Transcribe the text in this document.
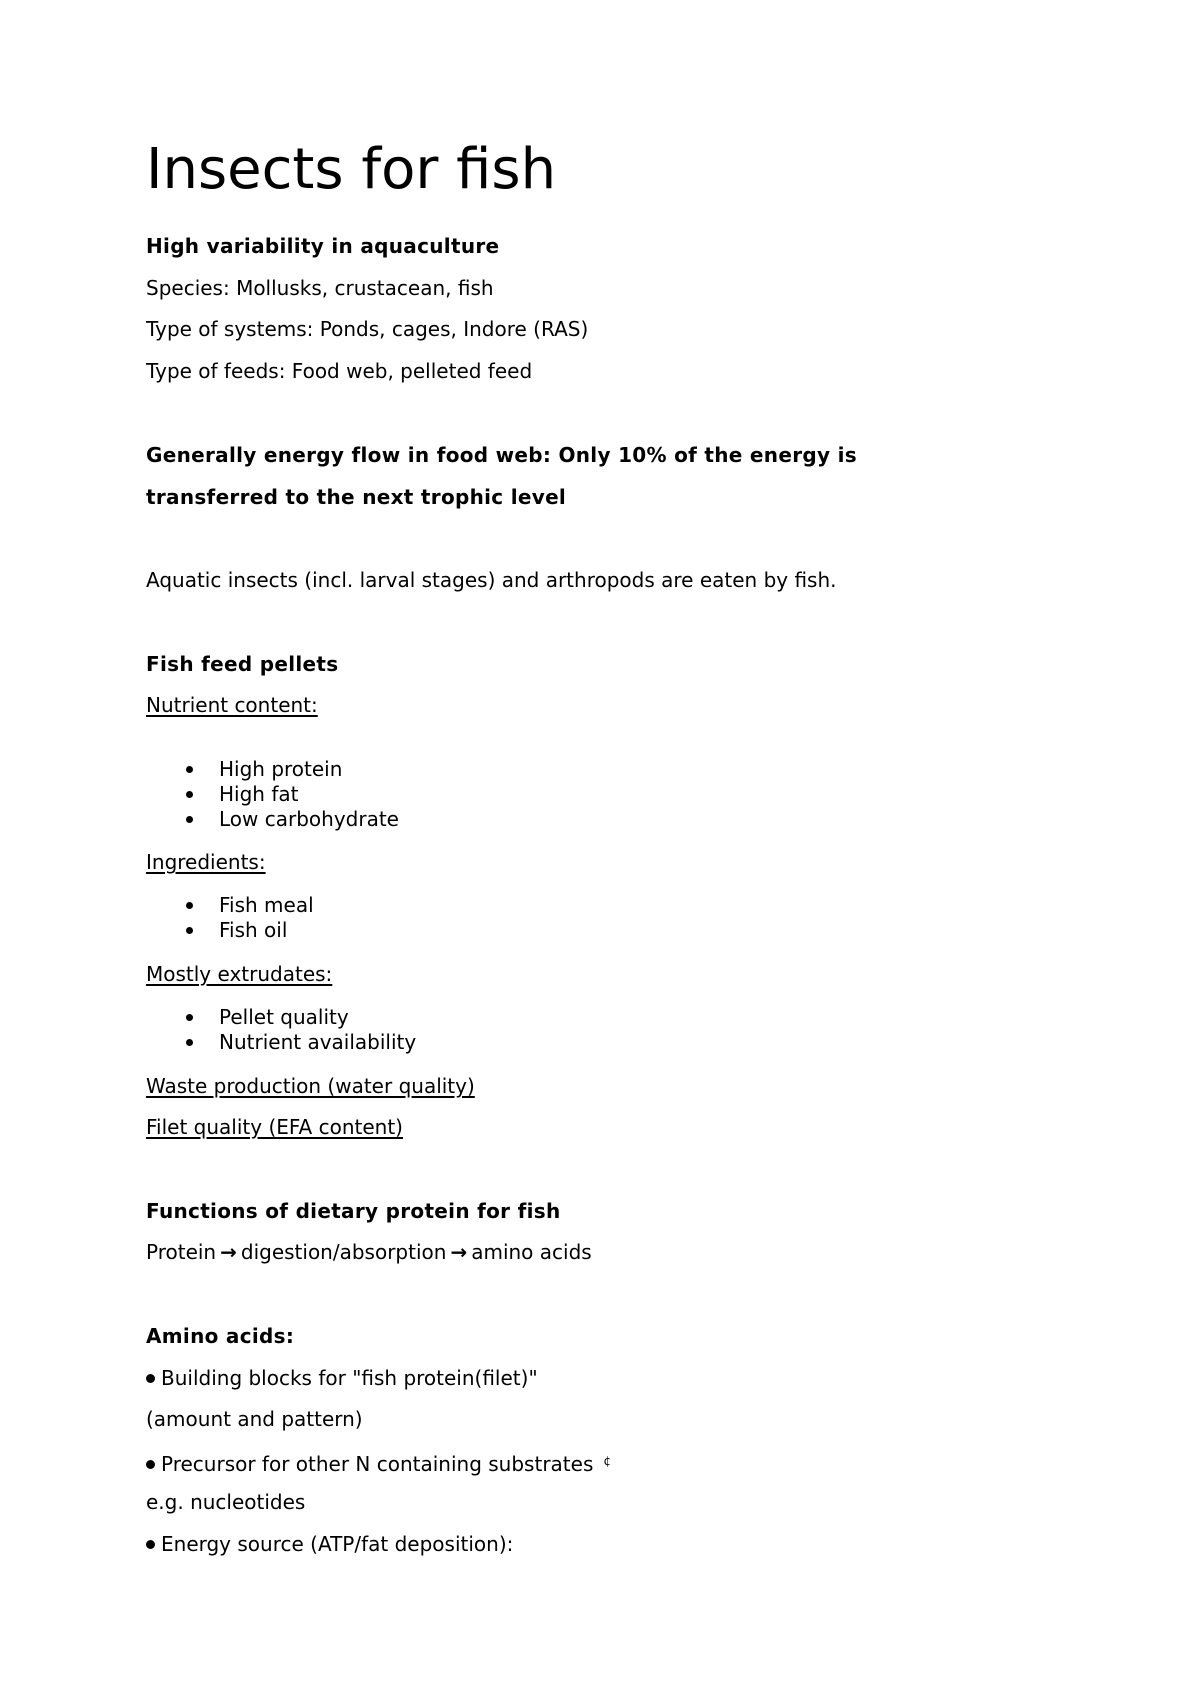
Insects for fish
High variability in aquaculture
Species: Mollusks, crustacean, fish
Type of systems: Ponds, cages, Indore (RAS)
Type of feeds: Food web, pelleted feed
Generally energy flow in food web: Only 10% of the energy is
transferred to the next trophic level
Aquatic insects (incl. larval stages) and arthropods are eaten by fish.
Fish feed pellets
Nutrient content:
High protein
High fat
Low carbohydrate
Ingredients:
Fish meal
Fish oil
Mostly extrudates:
Pellet quality
Nutrient availability
Waste production (water quality)
Filet quality (EFA content)
Functions of dietary protein for fish
Protein → digestion/absorption → amino acids
Amino acids:
Building blocks for "fish protein(filet)"
(amount and pattern)
Precursor for other N containing substrates ¢
e.g. nucleotides
Energy source (ATP/fat deposition):
